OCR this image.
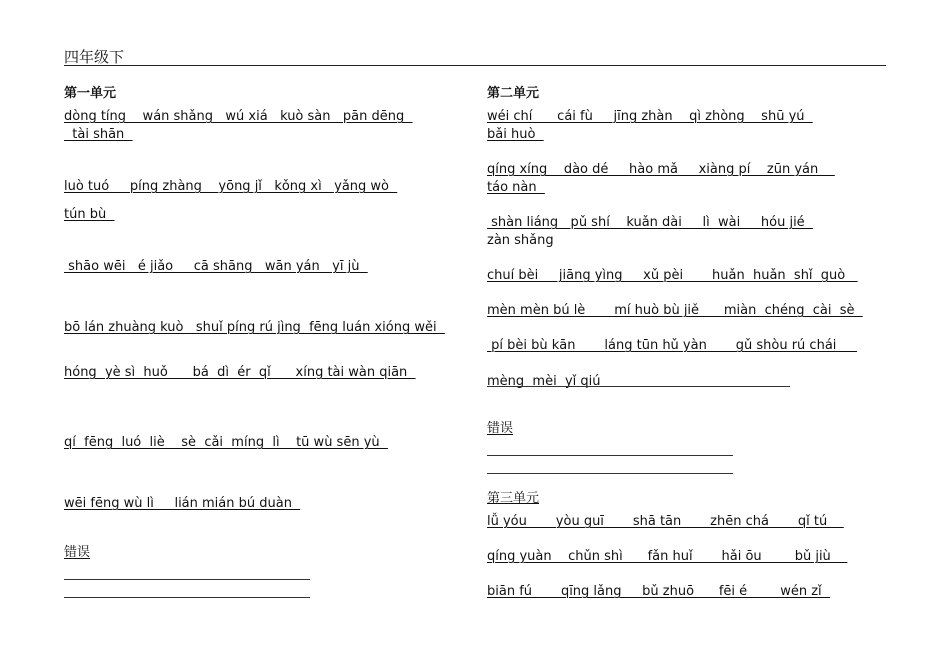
四年级下
第一单元
dòng tíng    wán shǎng   wú xiá   kuò sàn   pān dēng
tài shān
luò tuó     píng zhàng    yōng jǐ   kǒng xì   yǎng wò
tún bù
shāo wēi   é jiǎo     cā shāng   wān yán   yī jù
bō lán zhuàng kuò   shuǐ píng rú jìng  fēng luán xióng wěi
hóng  yè sì  huǒ      bá  dì  ér  qǐ      xíng tài wàn qiān
qí  fēng  luó  liè    sè  cǎi  míng  lì    tū wù sēn yù
wēi fēng wù lì     lián mián bú duàn
错误
第二单元
wéi chí      cái fù     jīng zhàn    qì zhòng    shū yú
bǎi huò
qíng xíng    dào dé     hào mǎ     xiàng pí    zūn yán
táo nàn
shàn liáng   pǔ shí    kuǎn dài     lì  wài     hóu jié
zàn shǎng
chuí bèi     jiāng yìng     xǔ pèi       huǎn  huǎn  shǐ  guò
mèn mèn bú lè       mí huò bù jiě      miàn  chéng  cài  sè
pí bèi bù kān       láng tūn hǔ yàn       gǔ shòu rú chái
mèng  mèi  yǐ qiú
错误
第三单元
lǚ yóu       yòu guī       shā tān       zhēn chá       qǐ tú
qíng yuàn    chǔn shì      fǎn huǐ       hǎi ōu        bǔ jiù
biān fú       qīng lǎng     bǔ zhuō      fēi é        wén zǐ
